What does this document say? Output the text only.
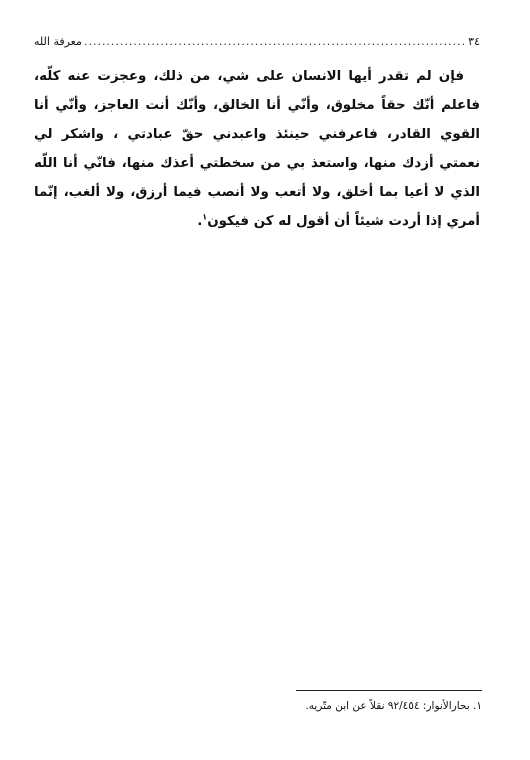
٣٤
.....
معرفة الله
فإن لم تقدر أيها الانسان على شي، من ذلك، وعجزت عنه كلّه، فاعلم أنّك حقاً مخلوق، وأنّي أنا الخالق، وأنّك أنت العاجز، وأنّي أنا القوي القادر، فاعرفني حينئذ واعبدني حقّ عبادتي ، واشكر لي نعمتي أزدك منها، واستعذ بي من سخطتي أعذك منها، فانّي أنا اللّه الذي لا أعيا بما أخلق، ولا أتعب ولا أنصب فيما أرزق، ولا ألغب، إنّما أمري إذا أردت شيئاً أن أقول له كن فيكون$^١$.
١. بحارالأنوار: ٩٢/٤٥٤ نقلاً عن ابن متّريه.
